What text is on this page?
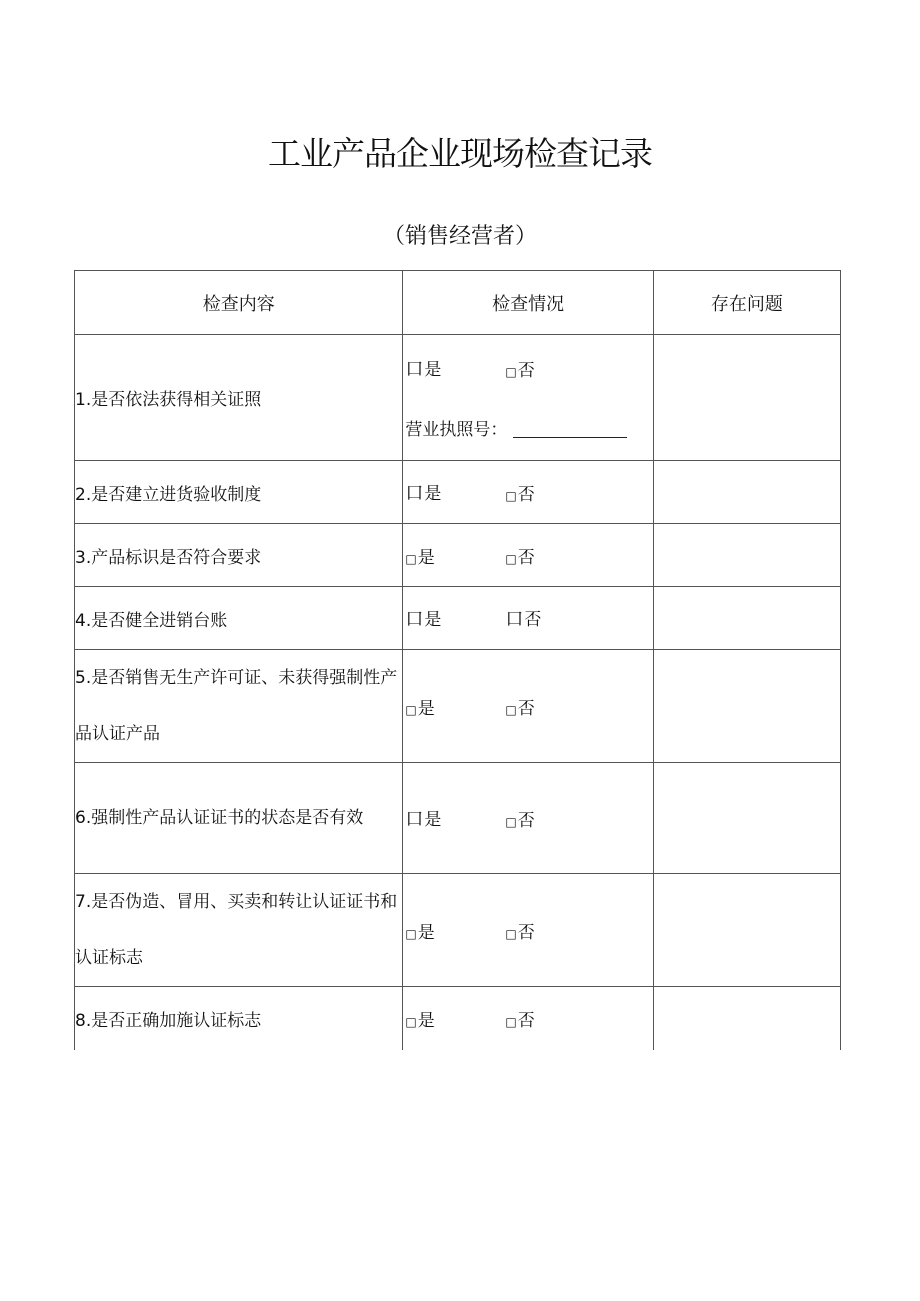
工业产品企业现场检查记录
（销售经营者）
检查内容	检查情况	存在问题
1.是否依法获得相关证照	口 是 □ 否
营业执照号：	

2.是否建立进货验收制度	口 是 □ 否	

3.产品标识是否符合要求	□ 是 □ 否	

4.是否健全进销台账	口 是 口 否	

5.是否销售无生产许可证、未获得强制性产品认证产品	□ 是 □ 否	

6.强制性产品认证证书的状态是否有效	口 是 □ 否	

7.是否伪造、冒用、买卖和转让认证证书和认证标志	□ 是 □ 否	

8.是否正确加施认证标志	□ 是 □ 否	
